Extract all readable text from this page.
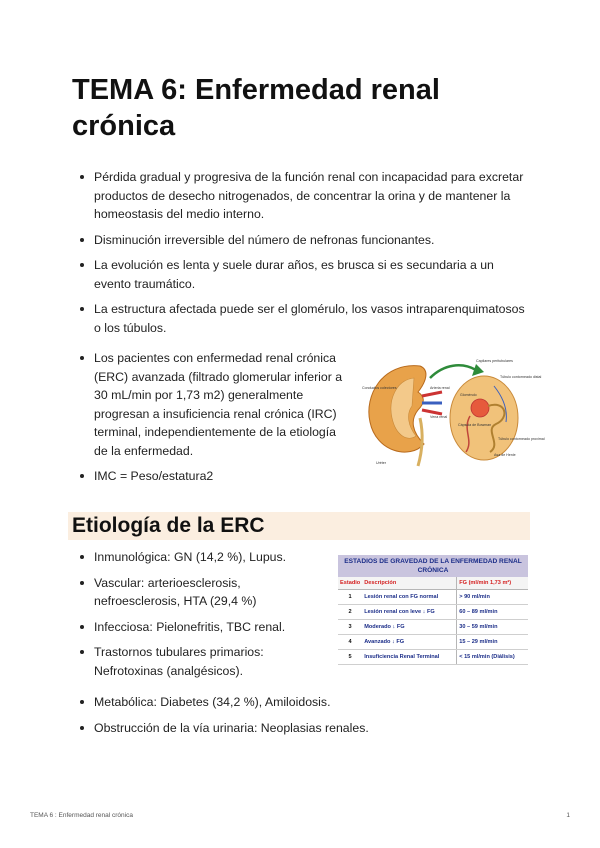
TEMA 6: Enfermedad renal crónica
Pérdida gradual y progresiva de la función renal con incapacidad para excretar productos de desecho nitrogenados, de concentrar la orina y de mantener la homeostasis del medio interno.
Disminución irreversible del número de nefronas funcionantes.
La evolución es lenta y suele durar años, es brusca si es secundaria a un evento traumático.
La estructura afectada puede ser el glomérulo, los vasos intraparenquimatosos o los túbulos.
Los pacientes con enfermedad renal crónica (ERC) avanzada (filtrado glomerular inferior a 30 mL/min por 1,73 m2) generalmente progresan a insuficiencia renal crónica (IRC) terminal, independientemente de la etiología de la enfermedad.
IMC = Peso/estatura2
Conductos colectores	Arteria renal
Vena renal
Uréter
Capilares peritubulares
Túbulo contorneado distal
Glomérulo
Cápsula de Bowman
Asa de Henle
Túbulo contorneado proximal
Etiología de la ERC
Inmunológica: GN (14,2 %), Lupus.
Vascular: arterioesclerosis, nefroesclerosis, HTA (29,4 %)
Infecciosa: Pielonefritis, TBC renal.
Trastornos tubulares primarios: Nefrotoxinas (analgésicos).
Metabólica: Diabetes (34,2 %), Amiloidosis.
Obstrucción de la vía urinaria: Neoplasias renales.
ESTADIOS DE GRAVEDAD DE LA ENFERMEDAD RENAL CRÓNICA
Estadio	Descripción	FG (ml/min 1,73 m²)
1	Lesión renal con FG normal	> 90 ml/min
2	Lesión renal con leve ↓ FG	60 – 89 ml/min
3	Moderado ↓ FG	30 – 59 ml/min
4	Avanzado ↓ FG	15 – 29 ml/min
5	Insuficiencia Renal Terminal	< 15 ml/min (Diálisis)
TEMA 6 : Enfermedad renal crónica	1
